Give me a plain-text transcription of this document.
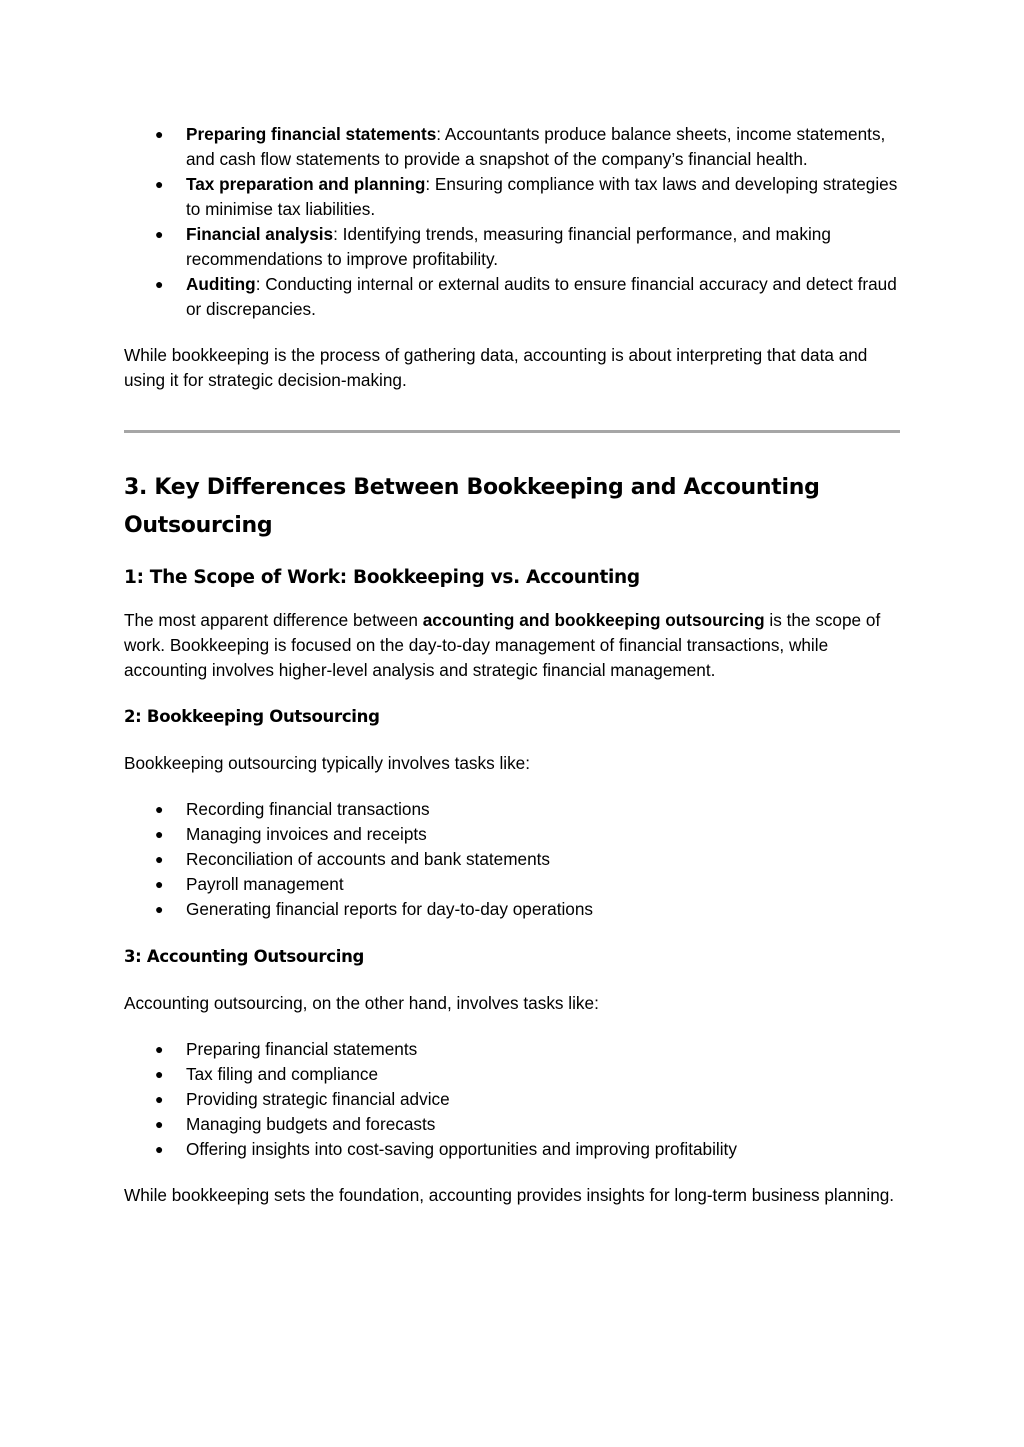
● Preparing financial statements: Accountants produce balance sheets, income statements, and cash flow statements to provide a snapshot of the company’s financial health.
● Tax preparation and planning: Ensuring compliance with tax laws and developing strategies to minimise tax liabilities.
● Financial analysis: Identifying trends, measuring financial performance, and making recommendations to improve profitability.
● Auditing: Conducting internal or external audits to ensure financial accuracy and detect fraud or discrepancies.

While bookkeeping is the process of gathering data, accounting is about interpreting that data and using it for strategic decision-making.

3. Key Differences Between Bookkeeping and Accounting Outsourcing
1: The Scope of Work: Bookkeeping vs. Accounting

The most apparent difference between accounting and bookkeeping outsourcing is the scope of work. Bookkeeping is focused on the day-to-day management of financial transactions, while accounting involves higher-level analysis and strategic financial management.

2: Bookkeeping Outsourcing

Bookkeeping outsourcing typically involves tasks like:

● Recording financial transactions
● Managing invoices and receipts
● Reconciliation of accounts and bank statements
● Payroll management
● Generating financial reports for day-to-day operations
3: Accounting Outsourcing

Accounting outsourcing, on the other hand, involves tasks like:

● Preparing financial statements
● Tax filing and compliance
● Providing strategic financial advice
● Managing budgets and forecasts
● Offering insights into cost-saving opportunities and improving profitability

While bookkeeping sets the foundation, accounting provides insights for long-term business planning.
